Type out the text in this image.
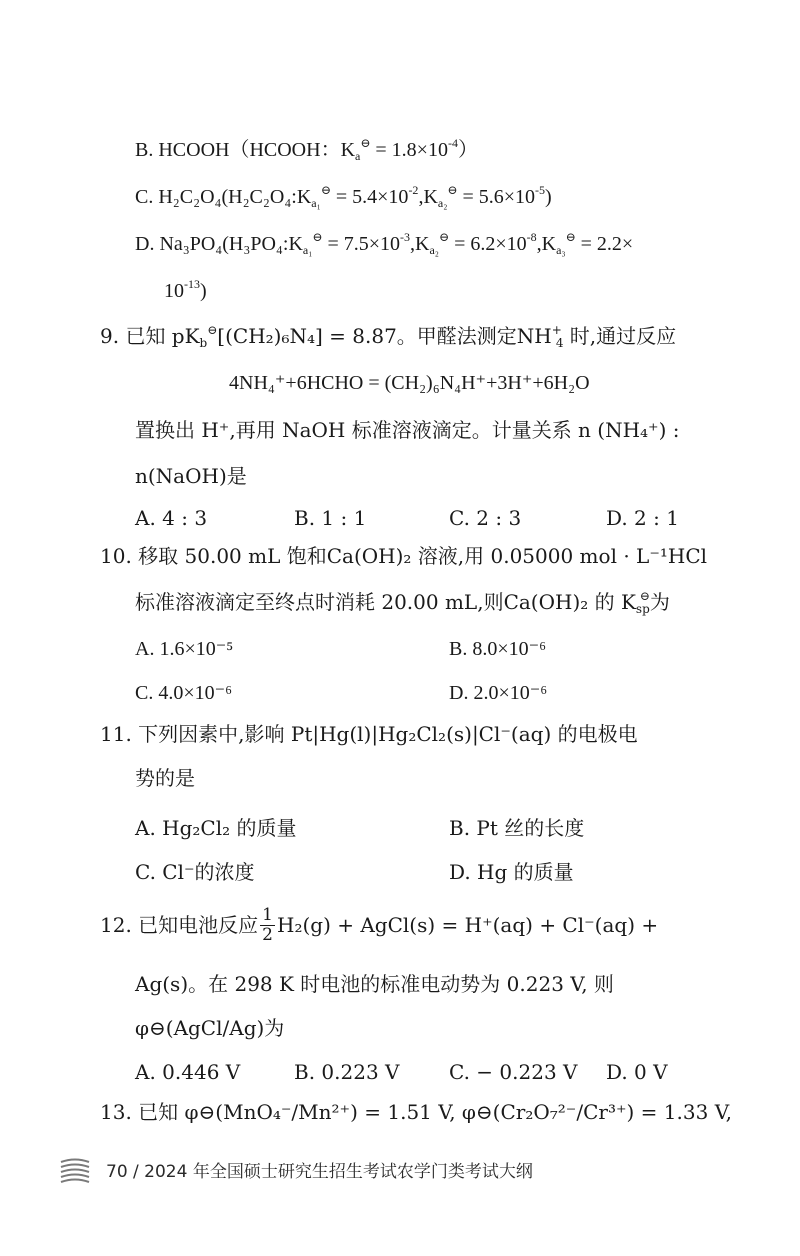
B. HCOOH（HCOOH：$K_a^⊖ = 1.8\times 10^{-4}$）
C. $H_2C_2O_4(H_2C_2O_4:K_{a_1}^⊖ = 5.4\times 10^{-2},K_{a_2}^⊖ = 5.6\times 10^{-5})$
D. $Na_3PO_4(H_3PO_4:K_{a_1}^⊖ = 7.5\times 10^{-3},K_{a_2}^⊖ = 6.2\times 10^{-8},K_{a_3}^⊖ = 2.2\times$
$10^{-13}$)
9. 已知 $pK_b^⊖[(CH_2)_6N_4] = 8.87$。甲醛法测定$NH^+_4$ 时,通过反应
4NH₄⁺+6HCHO = (CH₂)₆N₄H⁺+3H⁺+6H₂O
置换出 H⁺,再用 NaOH 标准溶液滴定。计量关系 n (NH₄⁺) :
n(NaOH)是
A. 4 : 3	B. 1 : 1	C. 2 : 3	D. 2 : 1
10. 移取 50.00 mL 饱和Ca(OH)₂ 溶液,用 0.05000 mol · L⁻¹HCl
标准溶液滴定至终点时消耗 20.00 mL,则Ca(OH)₂ 的 $K_{sp}^⊖$为
A. 1.6×10⁻⁵	B. 8.0×10⁻⁶
C. 4.0×10⁻⁶	D. 2.0×10⁻⁶
11. 下列因素中,影响 Pt|Hg(l)|Hg₂Cl₂(s)|Cl⁻(aq) 的电极电
势的是
A. Hg₂Cl₂ 的质量	B. Pt 丝的长度
C. Cl⁻的浓度	D. Hg 的质量
12. 已知电池反应 $\frac{1}{2} H_2(g)$ + AgCl(s) = H⁺(aq) + Cl⁻(aq) +
Ag(s)。在 298 K 时电池的标准电动势为 0.223 V, 则
φ⊖(AgCl/Ag)为
A. 0.446 V	B. 0.223 V C. − 0.223 V D. 0 V
13. 已知 φ⊖(MnO₄⁻/Mn²⁺) = 1.51 V, φ⊖(Cr₂O₇²⁻/Cr³⁺) = 1.33 V,
70 / 2024 年全国硕士研究生招生考试农学门类考试大纲
